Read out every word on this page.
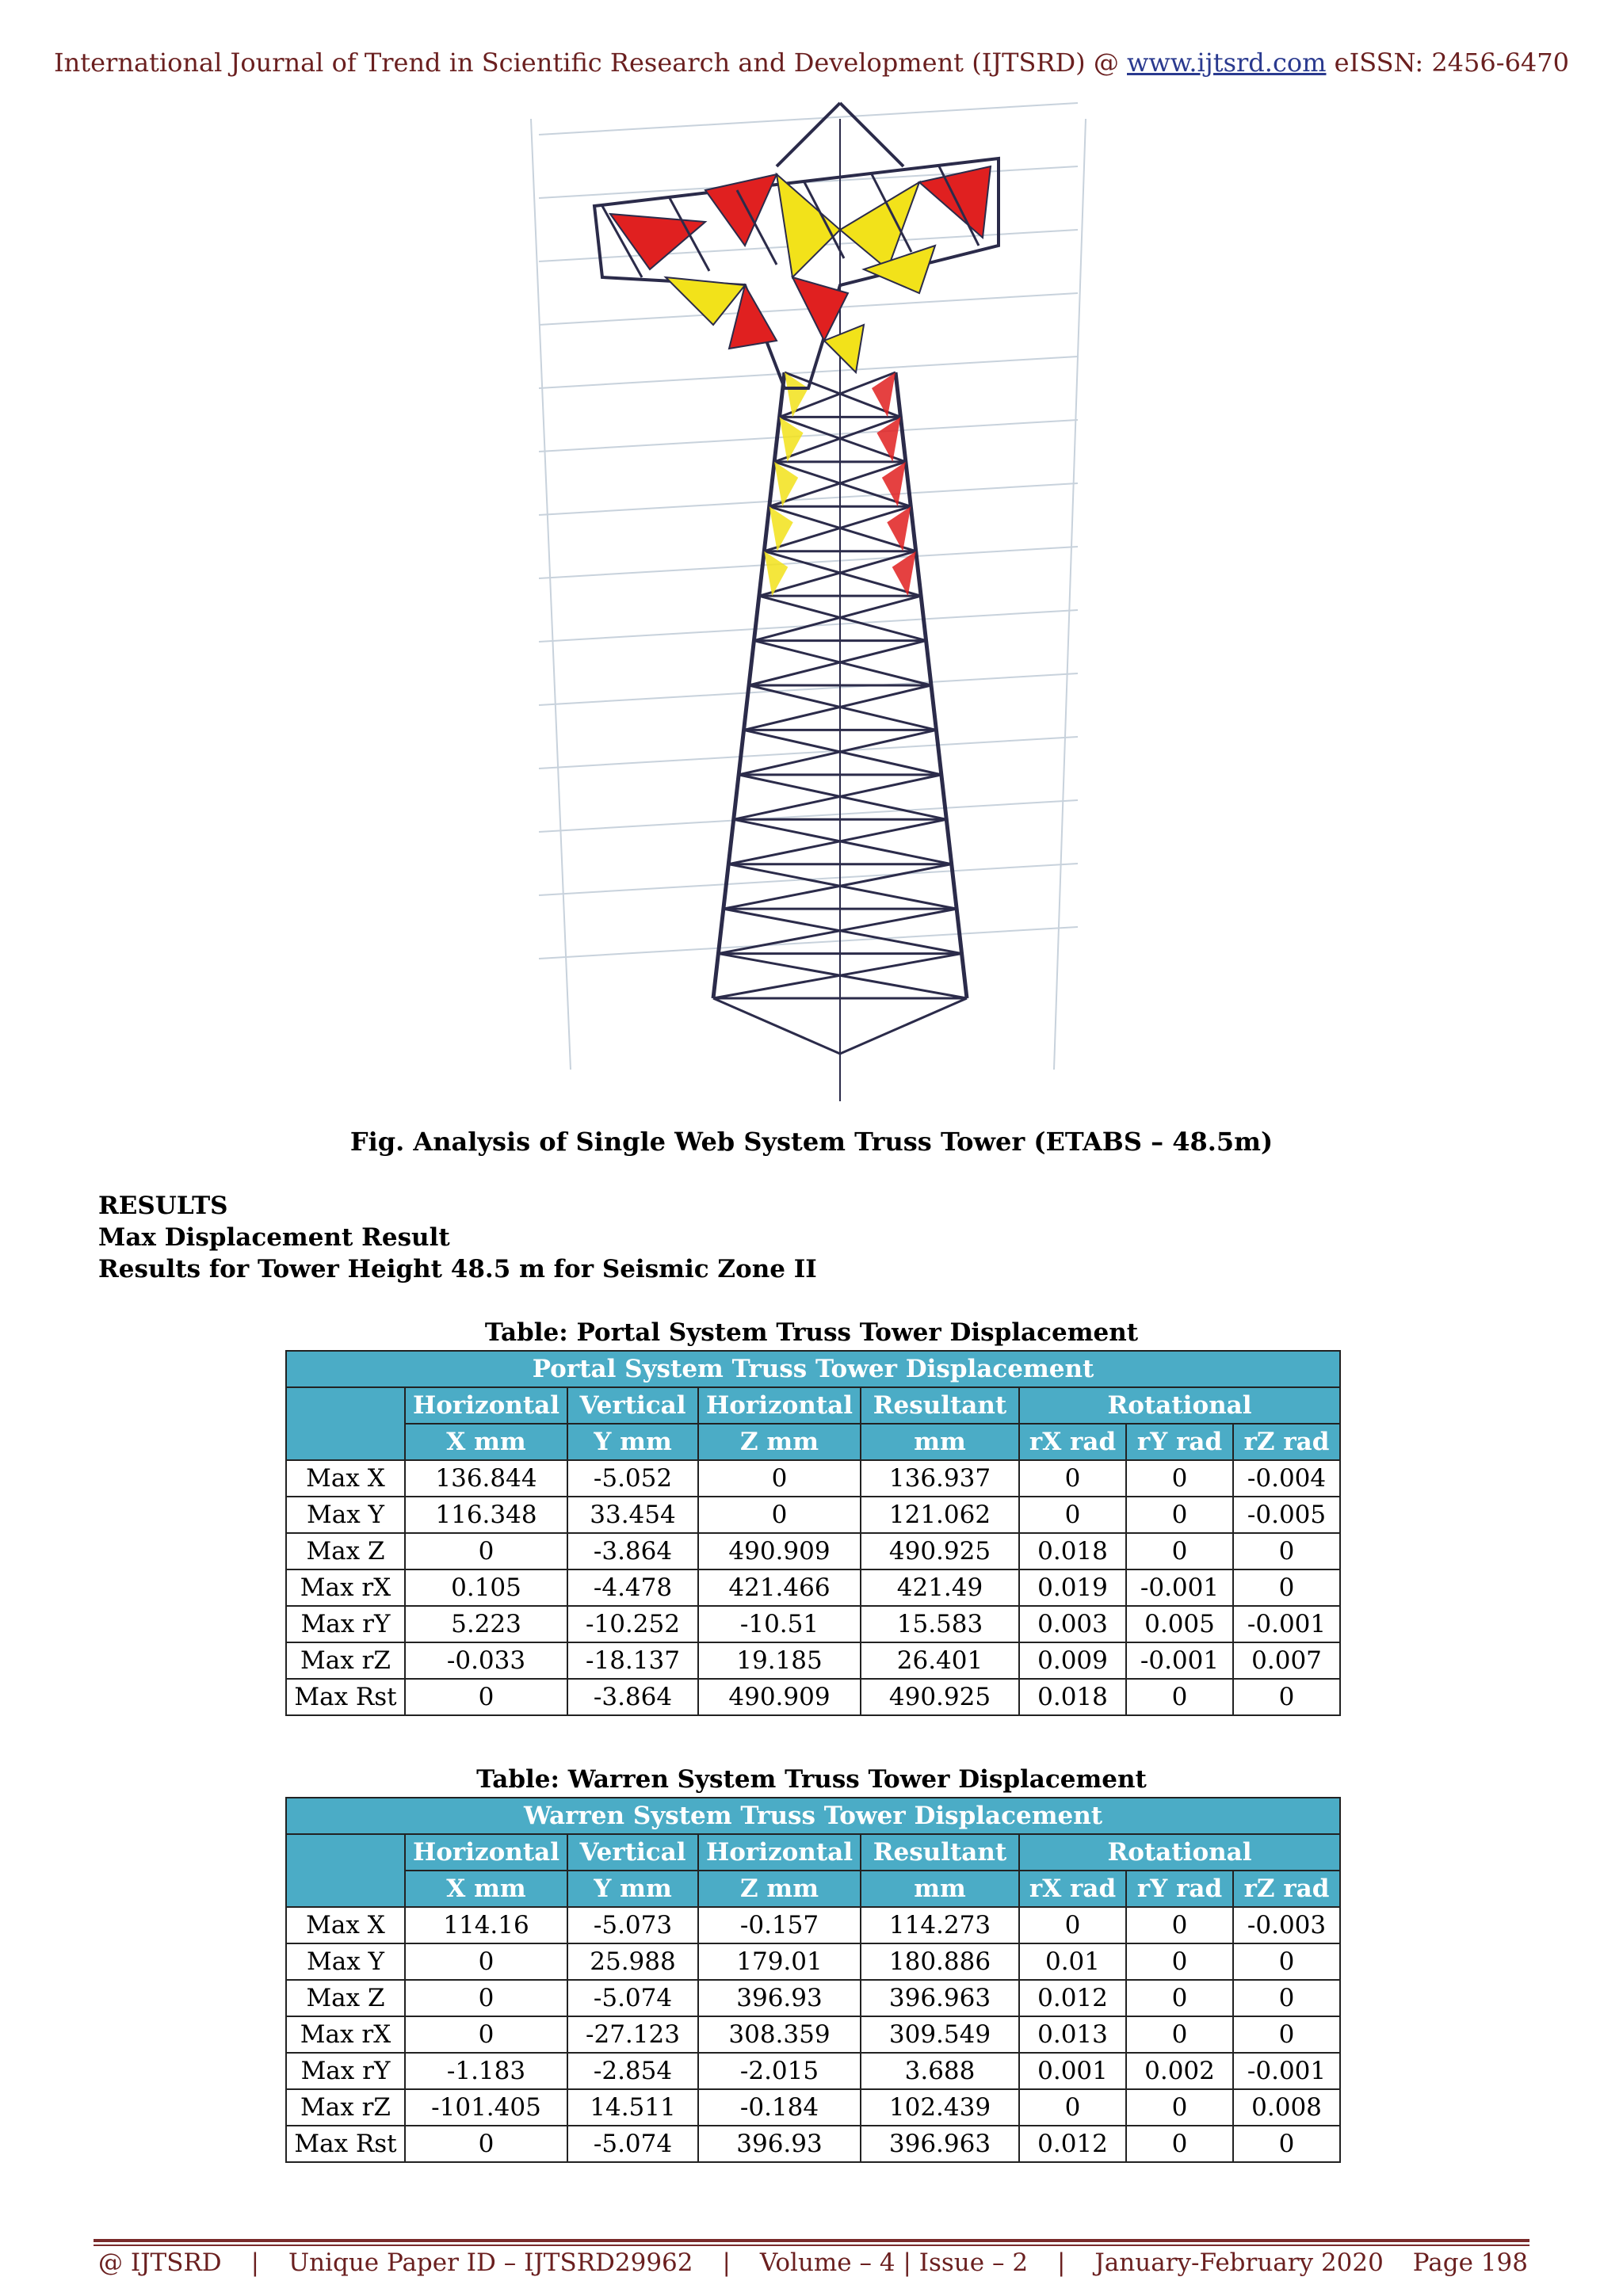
International Journal of Trend in Scientific Research and Development (IJTSRD) @ www.ijtsrd.com eISSN: 2456-6470
Fig. Analysis of Single Web System Truss Tower (ETABS – 48.5m)
RESULTS
Max Displacement Result
Results for Tower Height 48.5 m for Seismic Zone II
Table: Portal System Truss Tower Displacement
Portal System Truss Tower Displacement							
	Horizontal	Vertical	Horizontal	Resultant	Rotational		
	X mm	Y mm	Z mm	mm	rX rad	rY rad	rZ rad
Max X	136.844	-5.052	0	136.937	0	0	-0.004
Max Y	116.348	33.454	0	121.062	0	0	-0.005
Max Z	0	-3.864	490.909	490.925	0.018	0	0
Max rX	0.105	-4.478	421.466	421.49	0.019	-0.001	0
Max rY	5.223	-10.252	-10.51	15.583	0.003	0.005	-0.001
Max rZ	-0.033	-18.137	19.185	26.401	0.009	-0.001	0.007
Max Rst	0	-3.864	490.909	490.925	0.018	0	0
Table: Warren System Truss Tower Displacement
Warren System Truss Tower Displacement							
	Horizontal	Vertical	Horizontal	Resultant	Rotational		
	X mm	Y mm	Z mm	mm	rX rad	rY rad	rZ rad
Max X	114.16	-5.073	-0.157	114.273	0	0	-0.003
Max Y	0	25.988	179.01	180.886	0.01	0	0
Max Z	0	-5.074	396.93	396.963	0.012	0	0
Max rX	0	-27.123	308.359	309.549	0.013	0	0
Max rY	-1.183	-2.854	-2.015	3.688	0.001	0.002	-0.001
Max rZ	-101.405	14.511	-0.184	102.439	0	0	0.008
Max Rst	0	-5.074	396.93	396.963	0.012	0	0
@ IJTSRD | Unique Paper ID – IJTSRD29962 | Volume – 4 | Issue – 2 | January-February 2020 Page 198
